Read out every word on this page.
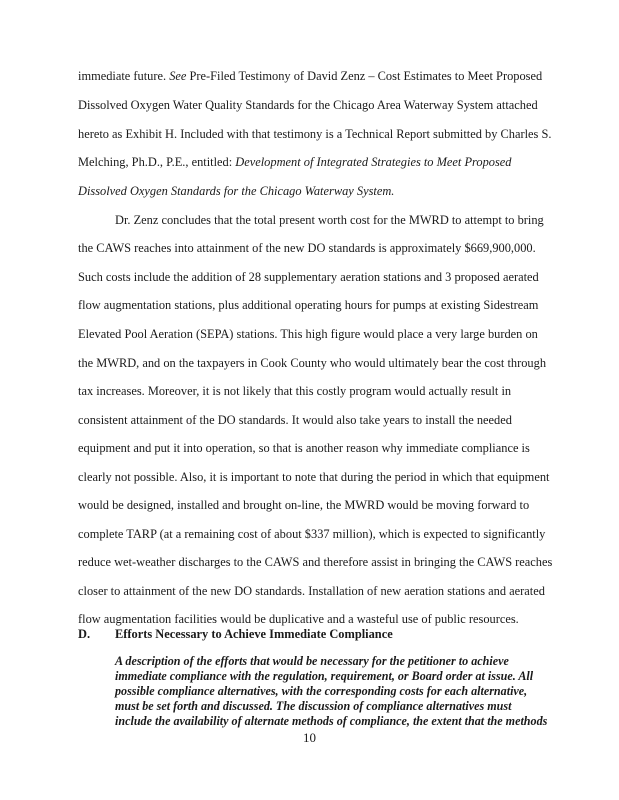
immediate future. See Pre-Filed Testimony of David Zenz – Cost Estimates to Meet Proposed
Dissolved Oxygen Water Quality Standards for the Chicago Area Waterway System attached
hereto as Exhibit H. Included with that testimony is a Technical Report submitted by Charles S.
Melching, Ph.D., P.E., entitled: Development of Integrated Strategies to Meet Proposed
Dissolved Oxygen Standards for the Chicago Waterway System.
Dr. Zenz concludes that the total present worth cost for the MWRD to attempt to bring
the CAWS reaches into attainment of the new DO standards is approximately $669,900,000.
Such costs include the addition of 28 supplementary aeration stations and 3 proposed aerated
flow augmentation stations, plus additional operating hours for pumps at existing Sidestream
Elevated Pool Aeration (SEPA) stations. This high figure would place a very large burden on
the MWRD, and on the taxpayers in Cook County who would ultimately bear the cost through
tax increases. Moreover, it is not likely that this costly program would actually result in
consistent attainment of the DO standards. It would also take years to install the needed
equipment and put it into operation, so that is another reason why immediate compliance is
clearly not possible. Also, it is important to note that during the period in which that equipment
would be designed, installed and brought on-line, the MWRD would be moving forward to
complete TARP (at a remaining cost of about $337 million), which is expected to significantly
reduce wet-weather discharges to the CAWS and therefore assist in bringing the CAWS reaches
closer to attainment of the new DO standards. Installation of new aeration stations and aerated
flow augmentation facilities would be duplicative and a wasteful use of public resources.
D. Efforts Necessary to Achieve Immediate Compliance
A description of the efforts that would be necessary for the petitioner to achieve
immediate compliance with the regulation, requirement, or Board order at issue. All
possible compliance alternatives, with the corresponding costs for each alternative,
must be set forth and discussed. The discussion of compliance alternatives must
include the availability of alternate methods of compliance, the extent that the methods
10
